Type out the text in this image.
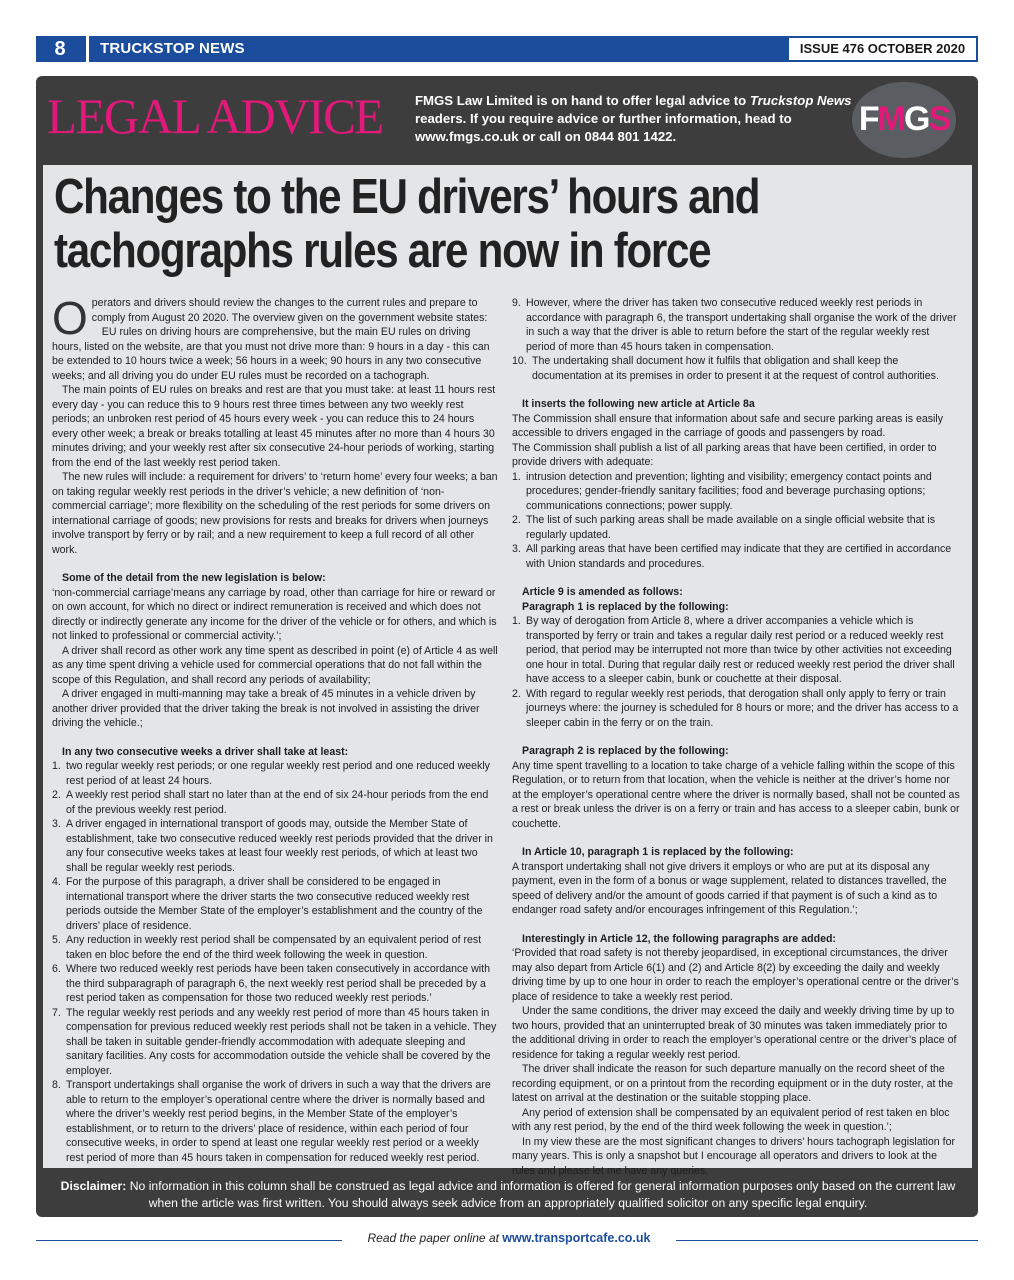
8	TRUCKSTOP NEWS	ISSUE 476 OCTOBER 2020
LEGAL ADVICE FMGS Law Limited is on hand to offer legal advice to Truckstop News readers. If you require advice or further information, head to www.fmgs.co.uk or call on 0844 801 1422.	FMGS
Changes to the EU drivers’ hours and
tachographs rules are now in force
O perators and drivers should review the changes to the current rules and prepare to comply from August 20 2020. The overview given on the government website states:

EU rules on driving hours are comprehensive, but the main EU rules on driving hours, listed on the website, are that you must not drive more than: 9 hours in a day - this can be extended to 10 hours twice a week; 56 hours in a week; 90 hours in any two consecutive weeks; and all driving you do under EU rules must be recorded on a tachograph.

The main points of EU rules on breaks and rest are that you must take: at least 11 hours rest every day - you can reduce this to 9 hours rest three times between any two weekly rest periods; an unbroken rest period of 45 hours every week - you can reduce this to 24 hours every other week; a break or breaks totalling at least 45 minutes after no more than 4 hours 30 minutes driving; and your weekly rest after six consecutive 24-hour periods of working, starting from the end of the last weekly rest period taken.

The new rules will include: a requirement for drivers’ to ‘return home’ every four weeks; a ban on taking regular weekly rest periods in the driver’s vehicle; a new definition of ‘non-commercial carriage’; more flexibility on the scheduling of the rest periods for some drivers on international carriage of goods; new provisions for rests and breaks for drivers when journeys involve transport by ferry or by rail; and a new requirement to keep a full record of all other work.

Some of the detail from the new legislation is below:

‘non-commercial carriage’means any carriage by road, other than carriage for hire or reward or on own account, for which no direct or indirect remuneration is received and which does not directly or indirectly generate any income for the driver of the vehicle or for others, and which is not linked to professional or commercial activity.’;

A driver shall record as other work any time spent as described in point (e) of Article 4 as well as any time spent driving a vehicle used for commercial operations that do not fall within the scope of this Regulation, and shall record any periods of availability;

A driver engaged in multi-manning may take a break of 45 minutes in a vehicle driven by another driver provided that the driver taking the break is not involved in assisting the driver driving the vehicle.;

In any two consecutive weeks a driver shall take at least:

1. two regular weekly rest periods; or one regular weekly rest period and one reduced weekly rest period of at least 24 hours.
2. A weekly rest period shall start no later than at the end of six 24-hour periods from the end of the previous weekly rest period.
3. A driver engaged in international transport of goods may, outside the Member State of establishment, take two consecutive reduced weekly rest periods provided that the driver in any four consecutive weeks takes at least four weekly rest periods, of which at least two shall be regular weekly rest periods.
4. For the purpose of this paragraph, a driver shall be considered to be engaged in international transport where the driver starts the two consecutive reduced weekly rest periods outside the Member State of the employer’s establishment and the country of the drivers’ place of residence.
5. Any reduction in weekly rest period shall be compensated by an equivalent period of rest taken en bloc before the end of the third week following the week in question.
6. Where two reduced weekly rest periods have been taken consecutively in accordance with the third subparagraph of paragraph 6, the next weekly rest period shall be preceded by a rest period taken as compensation for those two reduced weekly rest periods.’
7. The regular weekly rest periods and any weekly rest period of more than 45 hours taken in compensation for previous reduced weekly rest periods shall not be taken in a vehicle. They shall be taken in suitable gender-friendly accommodation with adequate sleeping and sanitary facilities. Any costs for accommodation outside the vehicle shall be covered by the employer.
8. Transport undertakings shall organise the work of drivers in such a way that the drivers are able to return to the employer’s operational centre where the driver is normally based and where the driver’s weekly rest period begins, in the Member State of the employer’s establishment, or to return to the drivers’ place of residence, within each period of four consecutive weeks, in order to spend at least one regular weekly rest period or a weekly rest period of more than 45 hours taken in compensation for reduced weekly rest period.
9. However, where the driver has taken two consecutive reduced weekly rest periods in accordance with paragraph 6, the transport undertaking shall organise the work of the driver in such a way that the driver is able to return before the start of the regular weekly rest period of more than 45 hours taken in compensation.
10. The undertaking shall document how it fulfils that obligation and shall keep the documentation at its premises in order to present it at the request of control authorities.

It inserts the following new article at Article 8a

The Commission shall ensure that information about safe and secure parking areas is easily accessible to drivers engaged in the carriage of goods and passengers by road.

The Commission shall publish a list of all parking areas that have been certified, in order to provide drivers with adequate:

1. intrusion detection and prevention; lighting and visibility; emergency contact points and procedures; gender-friendly sanitary facilities; food and beverage purchasing options; communications connections; power supply.
2. The list of such parking areas shall be made available on a single official website that is regularly updated.
3. All parking areas that have been certified may indicate that they are certified in accordance with Union standards and procedures.

Article 9 is amended as follows:

Paragraph 1 is replaced by the following:

1. By way of derogation from Article 8, where a driver accompanies a vehicle which is transported by ferry or train and takes a regular daily rest period or a reduced weekly rest period, that period may be interrupted not more than twice by other activities not exceeding one hour in total. During that regular daily rest or reduced weekly rest period the driver shall have access to a sleeper cabin, bunk or couchette at their disposal.
2. With regard to regular weekly rest periods, that derogation shall only apply to ferry or train journeys where: the journey is scheduled for 8 hours or more; and the driver has access to a sleeper cabin in the ferry or on the train.

Paragraph 2 is replaced by the following:

Any time spent travelling to a location to take charge of a vehicle falling within the scope of this Regulation, or to return from that location, when the vehicle is neither at the driver’s home nor at the employer’s operational centre where the driver is normally based, shall not be counted as a rest or break unless the driver is on a ferry or train and has access to a sleeper cabin, bunk or couchette.

In Article 10, paragraph 1 is replaced by the following:

A transport undertaking shall not give drivers it employs or who are put at its disposal any payment, even in the form of a bonus or wage supplement, related to distances travelled, the speed of delivery and/or the amount of goods carried if that payment is of such a kind as to endanger road safety and/or encourages infringement of this Regulation.’;

Interestingly in Article 12, the following paragraphs are added:

‘Provided that road safety is not thereby jeopardised, in exceptional circumstances, the driver may also depart from Article 6(1) and (2) and Article 8(2) by exceeding the daily and weekly driving time by up to one hour in order to reach the employer’s operational centre or the driver’s place of residence to take a weekly rest period.

Under the same conditions, the driver may exceed the daily and weekly driving time by up to two hours, provided that an uninterrupted break of 30 minutes was taken immediately prior to the additional driving in order to reach the employer’s operational centre or the driver’s place of residence for taking a regular weekly rest period.

The driver shall indicate the reason for such departure manually on the record sheet of the recording equipment, or on a printout from the recording equipment or in the duty roster, at the latest on arrival at the destination or the suitable stopping place.

Any period of extension shall be compensated by an equivalent period of rest taken en bloc with any rest period, by the end of the third week following the week in question.’;

In my view these are the most significant changes to drivers’ hours tachograph legislation for many years. This is only a snapshot but I encourage all operators and drivers to look at the rules and please let me have any queries.

Disclaimer: No information in this column shall be construed as legal advice and information is offered for general information purposes only based on the current law when the article was first written. You should always seek advice from an appropriately qualified solicitor on any specific legal enquiry.
Read the paper online at www.transportcafe.co.uk
